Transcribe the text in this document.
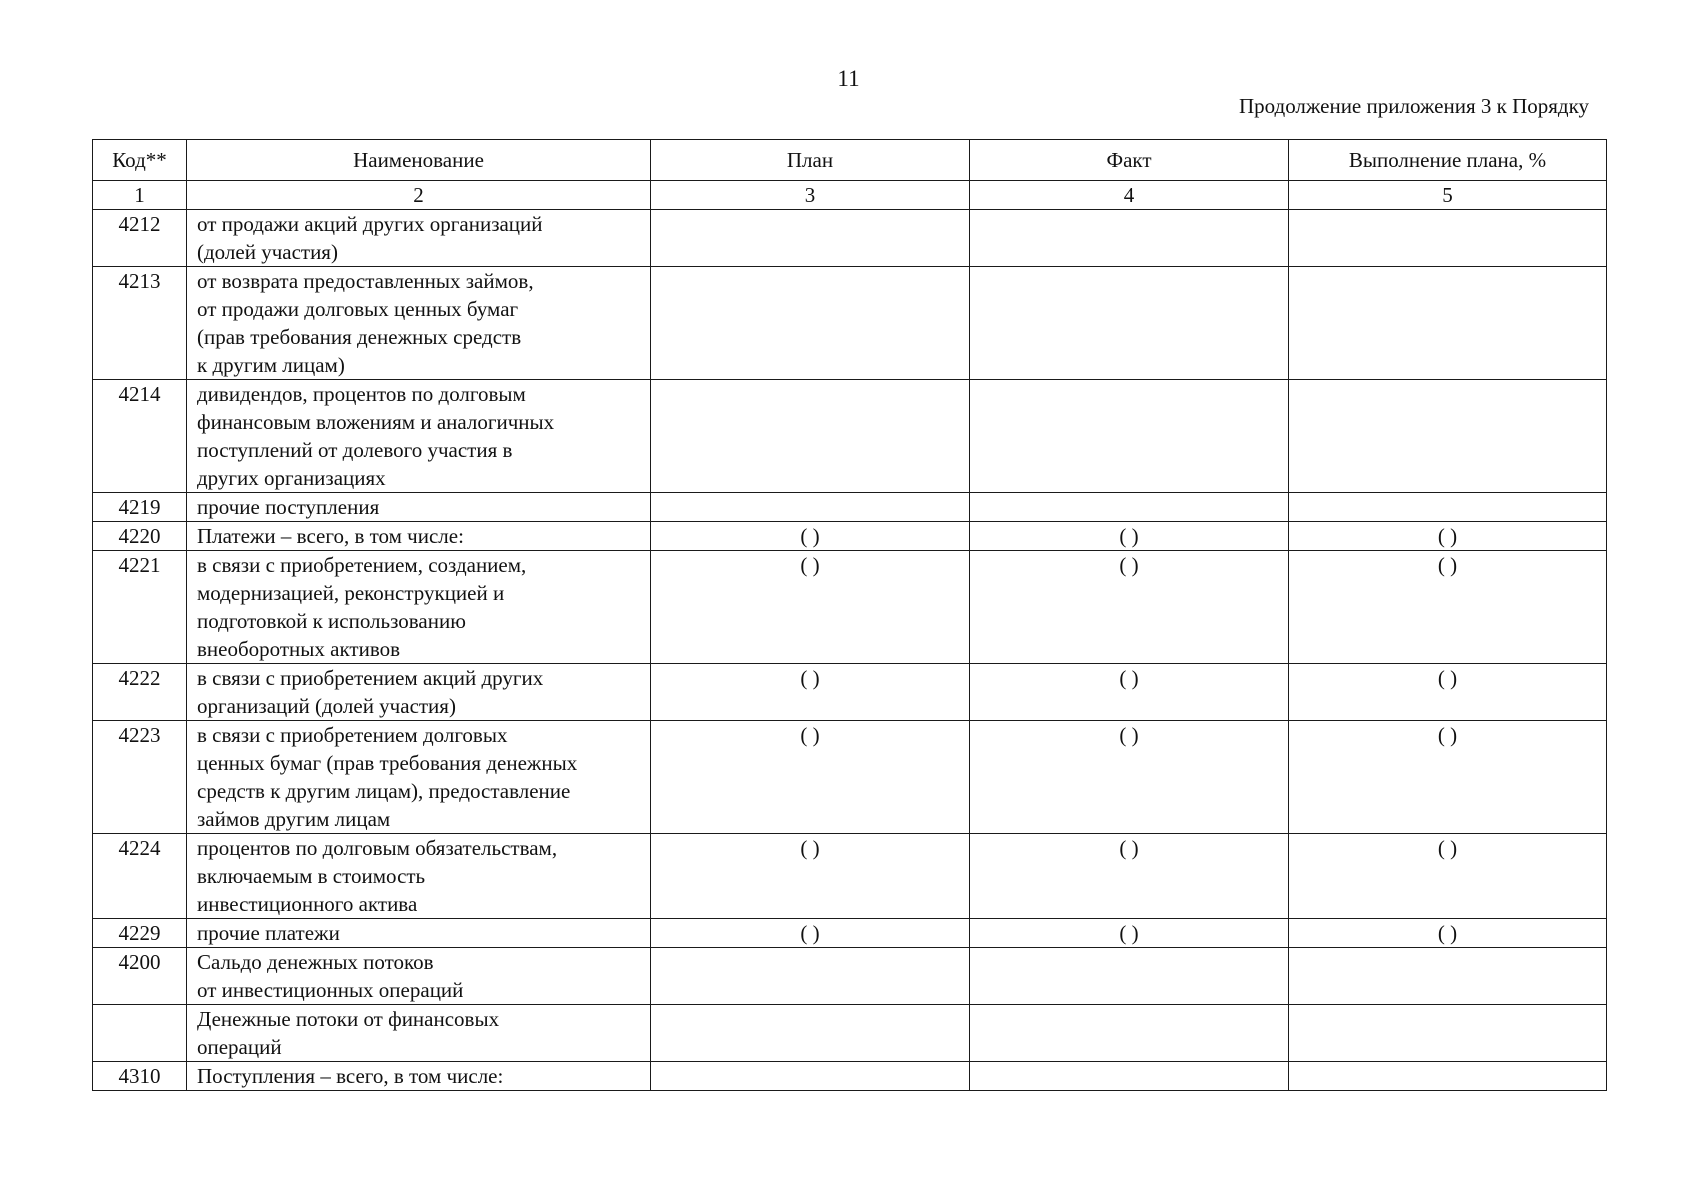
11
Продолжение приложения 3 к Порядку
Код**	Наименование	План	Факт	Выполнение плана, %
1	2	3	4	5
4212	от продажи акций других организаций
(долей участия)			

4213	от возврата предоставленных займов,
от продажи долговых ценных бумаг
(прав требования денежных средств
к другим лицам)			

4214	дивидендов, процентов по долговым
финансовым вложениям и аналогичных
поступлений от долевого участия в
других организациях			

4219	прочие поступления			

4220	Платежи – всего, в том числе:	( )	( )	( )
4221	в связи с приобретением, созданием,
модернизацией, реконструкцией и
подготовкой к использованию
внеоборотных активов	( )	( )	( )
4222	в связи с приобретением акций других
организаций (долей участия)	( )	( )	( )
4223	в связи с приобретением долговых
ценных бумаг (прав требования денежных
средств к другим лицам), предоставление
займов другим лицам	( )	( )	( )
4224	процентов по долговым обязательствам,
включаемым в стоимость
инвестиционного актива	( )	( )	( )
4229	прочие платежи	( )	( )	( )
4200	Сальдо денежных потоков
от инвестиционных операций			

	Денежные потоки от финансовых
операций			

4310	Поступления – всего, в том числе:			
